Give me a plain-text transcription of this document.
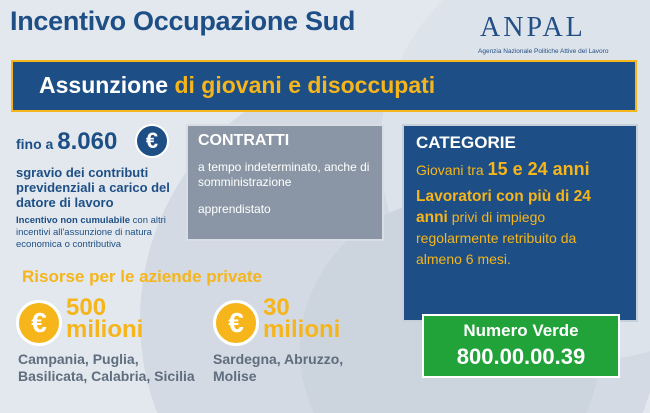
Incentivo Occupazione Sud	ANPAL
Agenzia Nazionale Politiche Attive del Lavoro
Assunzione di giovani e disoccupati
fino a 8.060	€
sgravio dei contributi previdenziali a carico del datore di lavoro
Incentivo non cumulabile con altri incentivi all'assunzione di natura economica o contributiva
CONTRATTI
a tempo indeterminato, anche di somministrazione
apprendistato
CATEGORIE
Giovani tra 15 e 24 anni
Lavoratori con più di 24 anni privi di impiego regolarmente retribuito da almeno 6 mesi.
Risorse per le aziende private
€ 500
milioni
Campania, Puglia, Basilicata, Calabria, Sicilia
€ 30
milioni
Sardegna, Abruzzo, Molise
Numero Verde
800.00.00.39
